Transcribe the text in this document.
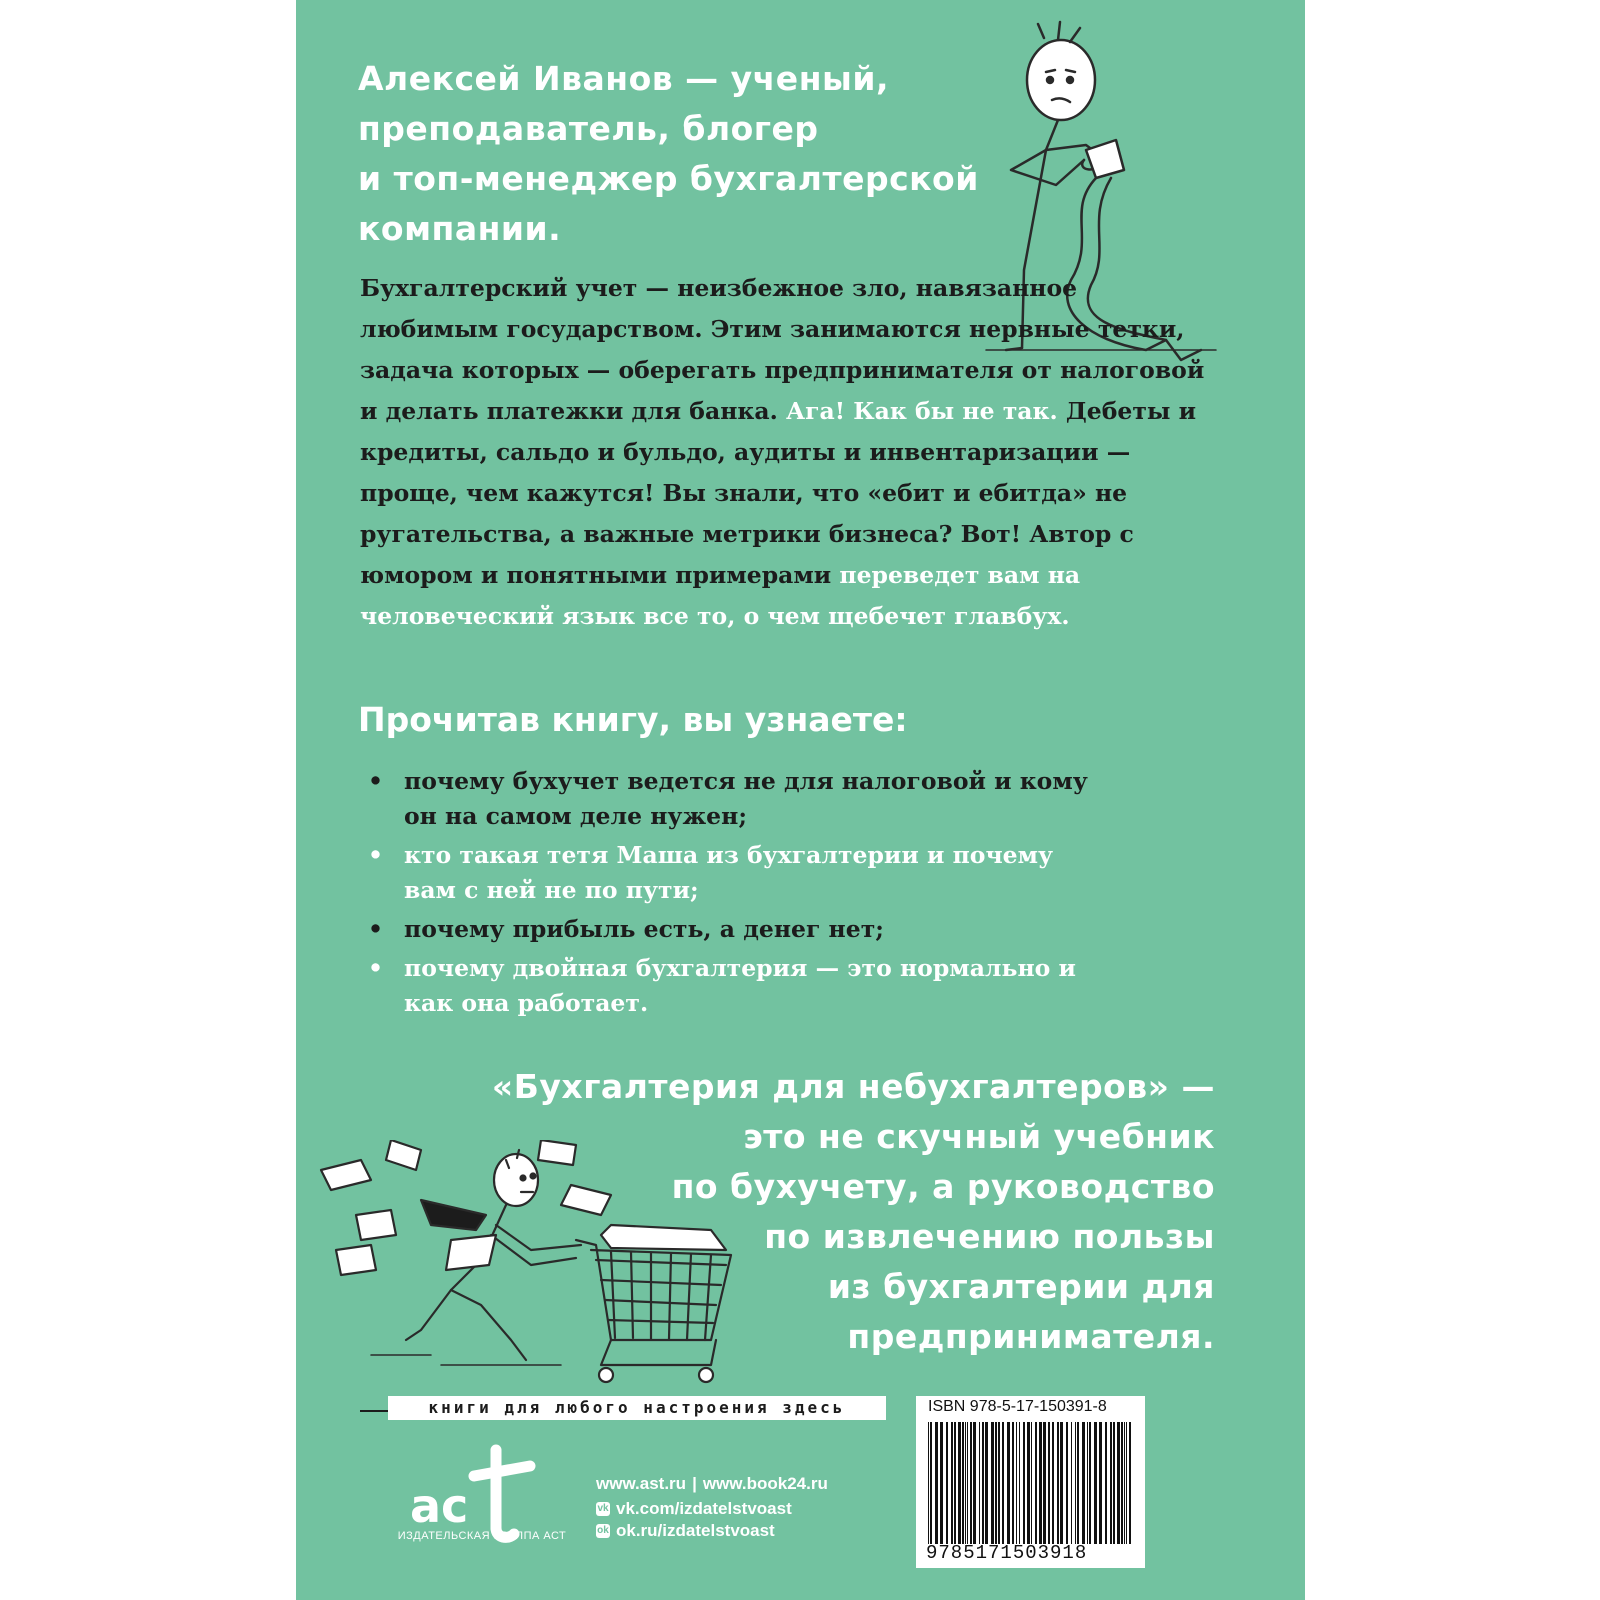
Алексей Иванов — ученый,
преподаватель, блогер
и топ-менеджер бухгалтерской
компании.
Бухгалтерский учет — неизбежное зло, навязанное любимым государством. Этим занимаются нервные тетки, задача которых — оберегать предпринимателя от налоговой и делать платежки для банка. Ага! Как бы не так. Дебеты и кредиты, сальдо и бульдо, аудиты и инвентаризации — проще, чем кажутся! Вы знали, что «ебит и ебитда» не ругательства, а важные метрики бизнеса? Вот! Автор с юмором и понятными примерами переведет вам на человеческий язык все то, о чем щебечет главбух.
Прочитав книгу, вы узнаете:
• почему бухучет ведется не для налоговой и кому он на самом деле нужен;
• кто такая тетя Маша из бухгалтерии и почему вам с ней не по пути;
• почему прибыль есть, а денег нет;
• почему двойная бухгалтерия — это нормально и как она работает.
«Бухгалтерия для небухгалтеров» —
это не скучный учебник
по бухучету, а руководство
по извлечению пользы
из бухгалтерии для
предпринимателя.
книги для любого настроения здесь
ac
ИЗДАТЕЛЬСКАЯ ГРУППА АСТ
www.ast.ru | www.book24.ru
vk vk.com/izdatelstvoast
ok ok.ru/izdatelstvoast
ISBN 978-5-17-150391-8
9785171503918
